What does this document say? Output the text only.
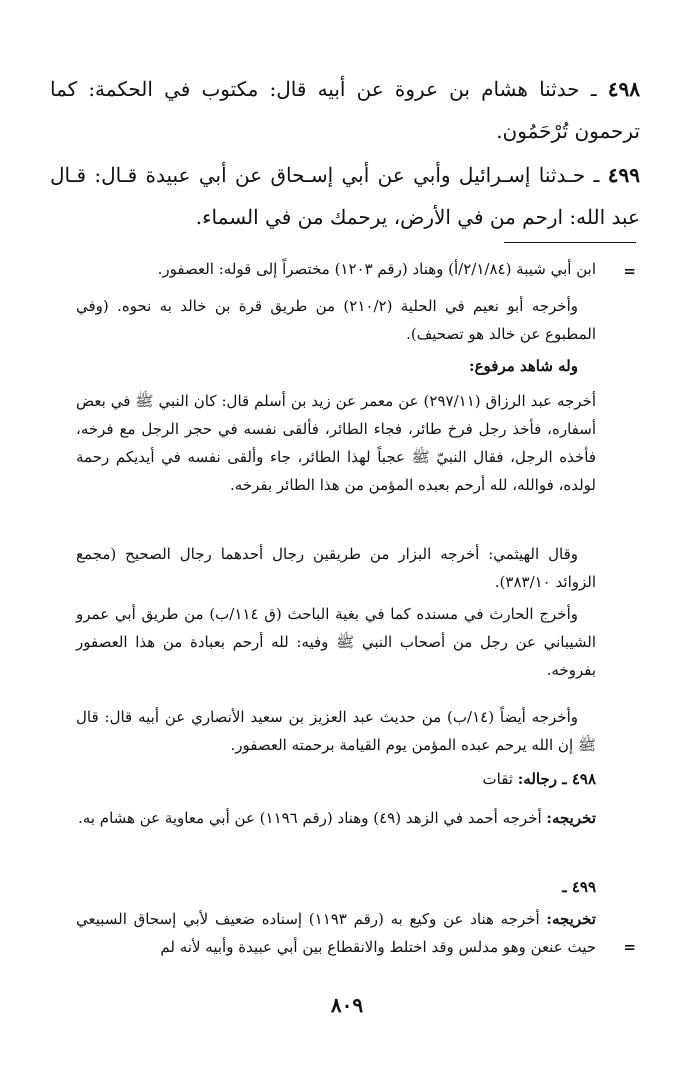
٤٩٨ ـ حدثنا هشام بن عروة عن أبيه قال: مكتوب في الحكمة: كما ترحمون تُرْحَمُون.
٤٩٩ ـ حـدثنا إسـرائيل وأبي عن أبي إسـحاق عن أبي عبيدة قـال: قـال عبد الله: ارحم من في الأرض، يرحمك من في السماء.
=
ابن أبي شيبة (٢/١/٨٤/أ) وهناد (رقم ١٢٠٣) مختصراً إلى قوله: العصفور.
وأخرجه أبو نعيم في الحلية (٢١٠/٢) من طريق قرة بن خالد به نحوه. (وفي المطبوع عن خالد هو تصحيف).
وله شاهد مرفوع:
أخرجه عبد الرزاق (٢٩٧/١١) عن معمر عن زيد بن أسلم قال: كان النبي ﷺ في بعض أسفاره، فأخذ رجل فرخ طائر، فجاء الطائر، فألقى نفسه في حجر الرجل مع فرخه، فأخذه الرجل، فقال النبيّ ﷺ عجباً لهذا الطائر، جاء وألقى نفسه في أيديكم رحمة لولده، فوالله، لله أرحم بعبده المؤمن من هذا الطائر بفرخه.
وقال الهيثمي: أخرجه البزار من طريقين رجال أحدهما رجال الصحيح (مجمع الزوائد ٣٨٣/١٠).
وأخرج الحارث في مسنده كما في بغية الباحث (ق ١١٤/ب) من طريق أبي عمرو الشيباني عن رجل من أصحاب النبي ﷺ وفيه: لله أرحم بعبادة من هذا العصفور بفروخه.
وأخرجه أيضاً (١٤/ب) من حديث عبد العزيز بن سعيد الأنصاري عن أبيه قال: قال ﷺ إن الله يرحم عبده المؤمن يوم القيامة برحمته العصفور.
٤٩٨ ـ رجاله: ثقات
تخريجه: أخرجه أحمد في الزهد (٤٩) وهناد (رقم ١١٩٦) عن أبي معاوية عن هشام به.
٤٩٩ ـ
تخريجه: أخرجه هناد عن وكيع به (رقم ١١٩٣) إسناده ضعيف لأبي إسحاق السبيعي حيث عنعن وهو مدلس وقد اختلط والانقطاع بين أبي عبيدة وأبيه لأنه لم =
٨٠٩
